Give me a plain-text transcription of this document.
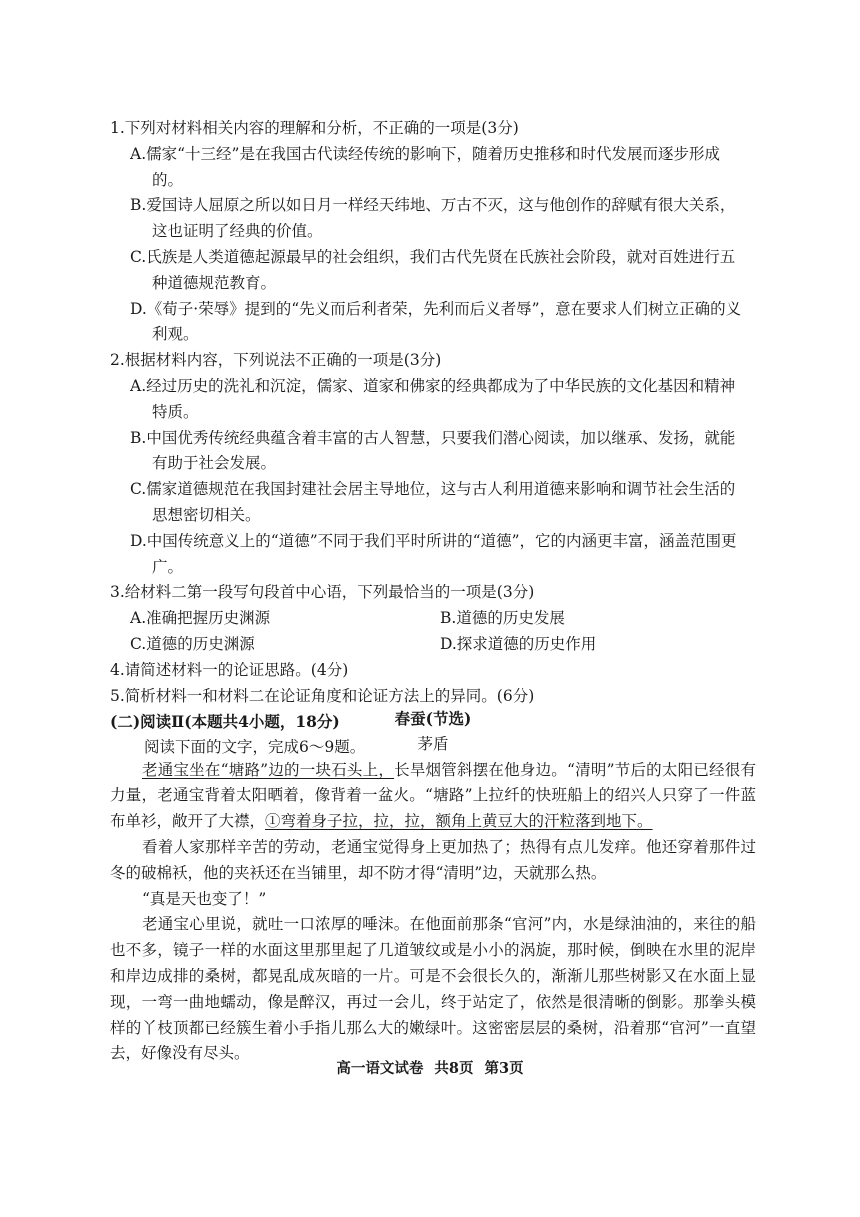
1.下列对材料相关内容的理解和分析，不正确的一项是(3分)

A.儒家“十三经”是在我国古代读经传统的影响下，随着历史推移和时代发展而逐步形成的。

B.爱国诗人屈原之所以如日月一样经天纬地、万古不灭，这与他创作的辞赋有很大关系，这也证明了经典的价值。

C.氏族是人类道德起源最早的社会组织，我们古代先贤在氏族社会阶段，就对百姓进行五种道德规范教育。

D.《荀子·荣辱》提到的“先义而后利者荣，先利而后义者辱”，意在要求人们树立正确的义利观。

2.根据材料内容，下列说法不正确的一项是(3分)

A.经过历史的洗礼和沉淀，儒家、道家和佛家的经典都成为了中华民族的文化基因和精神特质。

B.中国优秀传统经典蕴含着丰富的古人智慧，只要我们潜心阅读，加以继承、发扬，就能有助于社会发展。

C.儒家道德规范在我国封建社会居主导地位，这与古人利用道德来影响和调节社会生活的思想密切相关。

D.中国传统意义上的“道德”不同于我们平时所讲的“道德”，它的内涵更丰富，涵盖范围更广。

3.给材料二第一段写句段首中心语，下列最恰当的一项是(3分)

A.准确把握历史渊源	B.道德的历史发展
C.道德的历史渊源	D.探求道德的历史作用

4.请简述材料一的论证思路。(4分)

5.简析材料一和材料二在论证角度和论证方法上的异同。(6分)

(二)阅读Ⅱ(本题共4小题，18分)

阅读下面的文字，完成6～9题。

春蚕(节选)

茅盾

老通宝坐在“塘路”边的一块石头上，长旱烟管斜摆在他身边。“清明”节后的太阳已经很有力量，老通宝背着太阳晒着，像背着一盆火。“塘路”上拉纤的快班船上的绍兴人只穿了一件蓝布单衫，敞开了大襟，①弯着身子拉，拉，拉，额角上黄豆大的汗粒落到地下。

看着人家那样辛苦的劳动，老通宝觉得身上更加热了；热得有点儿发痒。他还穿着那件过冬的破棉袄，他的夹袄还在当铺里，却不防才得“清明”边，天就那么热。

“真是天也变了！”

老通宝心里说，就吐一口浓厚的唾沫。在他面前那条“官河”内，水是绿油油的，来往的船也不多，镜子一样的水面这里那里起了几道皱纹或是小小的涡旋，那时候，倒映在水里的泥岸和岸边成排的桑树，都晃乱成灰暗的一片。可是不会很长久的，渐渐儿那些树影又在水面上显现，一弯一曲地蠕动，像是醉汉，再过一会儿，终于站定了，依然是很清晰的倒影。那拳头模样的丫枝顶都已经簇生着小手指儿那么大的嫩绿叶。这密密层层的桑树，沿着那“官河”一直望去，好像没有尽头。

高一语文试卷 共8页 第3页
